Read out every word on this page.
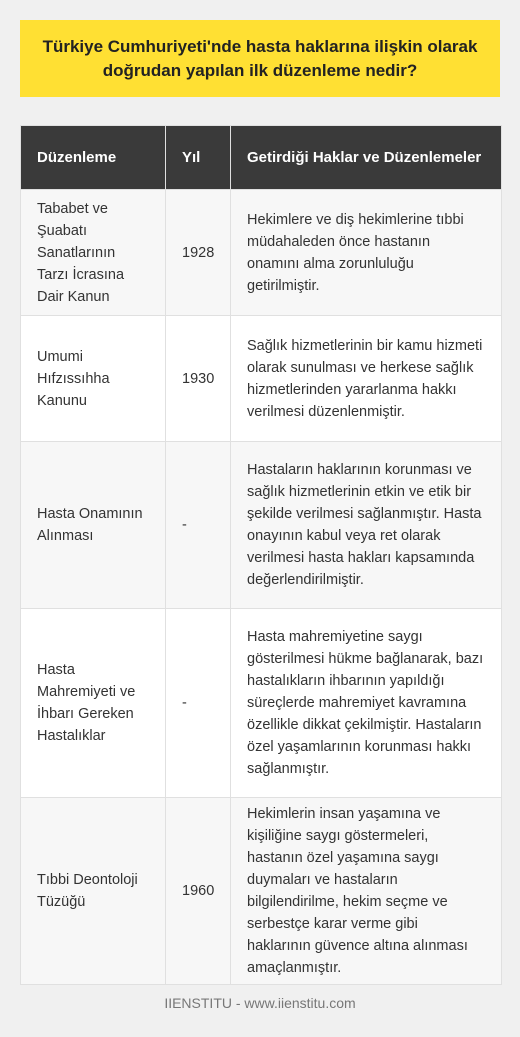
Türkiye Cumhuriyeti'nde hasta haklarına ilişkin olarak
doğrudan yapılan ilk düzenleme nedir?
Düzenleme	Yıl	Getirdiği Haklar ve Düzenlemeler
Tababet ve Şuabatı Sanatlarının Tarzı İcrasına Dair Kanun	1928	Hekimlere ve diş hekimlerine tıbbi müdahaleden önce hastanın onamını alma zorunluluğu getirilmiştir.
Umumi Hıfzıssıhha Kanunu	1930	Sağlık hizmetlerinin bir kamu hizmeti olarak sunulması ve herkese sağlık hizmetlerinden yararlanma hakkı verilmesi düzenlenmiştir.
Hasta Onamının Alınması	-	Hastaların haklarının korunması ve sağlık hizmetlerinin etkin ve etik bir şekilde verilmesi sağlanmıştır. Hasta onayının kabul veya ret olarak verilmesi hasta hakları kapsamında değerlendirilmiştir.
Hasta Mahremiyeti ve İhbarı Gereken Hastalıklar	-	Hasta mahremiyetine saygı gösterilmesi hükme bağlanarak, bazı hastalıkların ihbarının yapıldığı süreçlerde mahremiyet kavramına özellikle dikkat çekilmiştir. Hastaların özel yaşamlarının korunması hakkı sağlanmıştır.
Tıbbi Deontoloji Tüzüğü	1960	Hekimlerin insan yaşamına ve kişiliğine saygı göstermeleri, hastanın özel yaşamına saygı duymaları ve hastaların bilgilendirilme, hekim seçme ve serbestçe karar verme gibi haklarının güvence altına alınması amaçlanmıştır.
IIENSTITU - www.iienstitu.com
